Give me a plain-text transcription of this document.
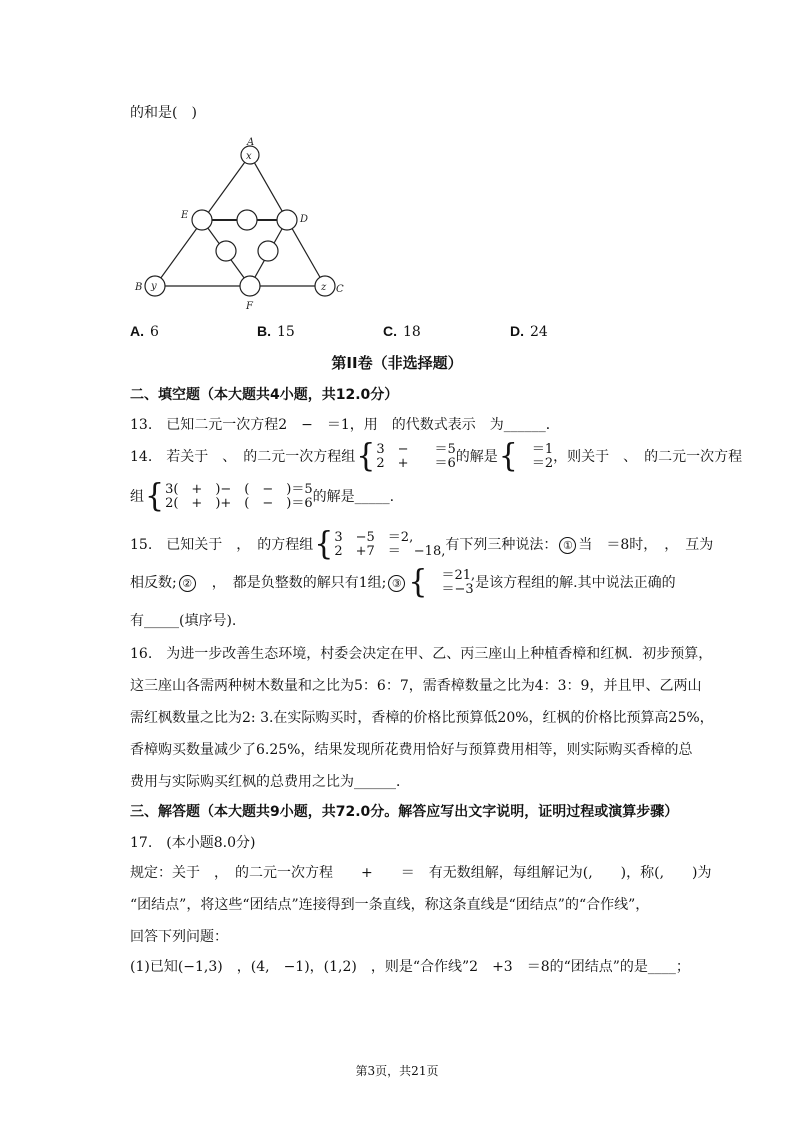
的和是(　)
A
x
E	D
B y
F
z C
A. 6	B. 15	C. 18	D. 24
第II卷（非选择题）
二、填空题（本大题共4小题，共12.0分）
13.　已知二元一次方程2　−　＝1，用　的代数式表示　为______．
14.　若关于　、　的二元一次方程组{3　−　　＝5
2　+　　＝6的解是{　＝1
　＝2，则关于　、　的二元一次方程
组{3(　+　)−　(　−　)＝5
2(　+　)+　(　−　)＝6的解是_____.
15.　已知关于　，　的方程组{3　−5　＝2,
2　+7　＝　−18,有下列三种说法： ① 当　＝8时，　，　互为
相反数; ②　，　都是负整数的解只有1组; ③ {　＝21,
　＝−3 是该方程组的解.其中说法正确的
有_____(填序号).
16.　为进一步改善生态环境，村委会决定在甲、乙、丙三座山上种植香樟和红枫．初步预算，
这三座山各需两种树木数量和之比为5：6：7，需香樟数量之比为4：3：9，并且甲、乙两山
需红枫数量之比为2: 3.在实际购买时，香樟的价格比预算低20%，红枫的价格比预算高25%，
香樟购买数量减少了6.25%，结果发现所花费用恰好与预算费用相等，则实际购买香樟的总
费用与实际购买红枫的总费用之比为______．
三、解答题（本大题共9小题，共72.0分。解答应写出文字说明，证明过程或演算步骤）
17.　(本小题8.0分)
规定：关于　，　的二元一次方程　　+　　＝　有无数组解，每组解记为(,　　)，称(,　　)为
“团结点”，将这些“团结点”连接得到一条直线，称这条直线是“团结点”的“合作线”，
回答下列问题：
(1)已知(−1,3)　，(4,　−1)，(1,2)　，则是“合作线”2　+3　＝8的“团结点”的是____；
第3页，共21页
